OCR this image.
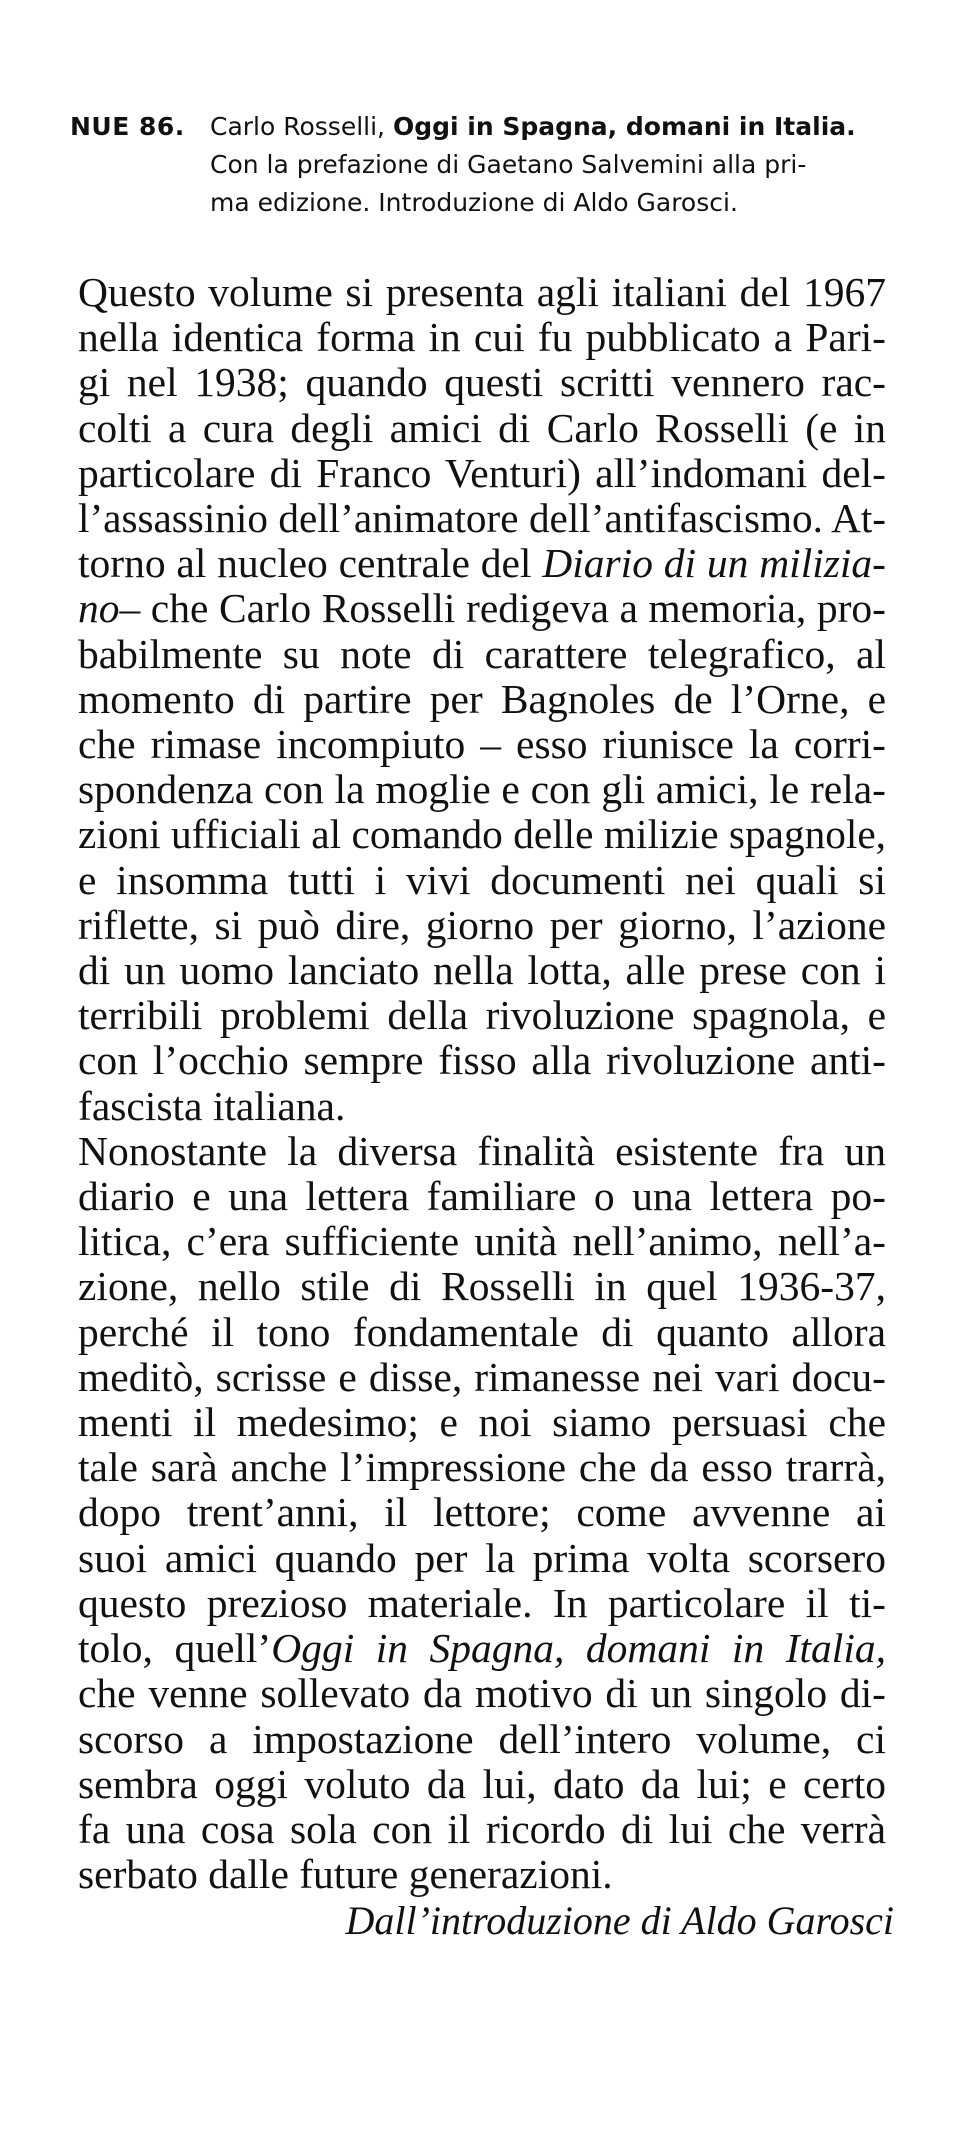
NUE 86. Carlo Rosselli, Oggi in Spagna, domani in Italia.
Con la prefazione di Gaetano Salvemini alla pri-
ma edizione. Introduzione di Aldo Garosci.

Questo volume si presenta agli italiani del 1967
nella identica forma in cui fu pubblicato a Pari-
gi nel 1938; quando questi scritti vennero rac-
colti a cura degli amici di Carlo Rosselli (e in
particolare di Franco Venturi) all’indomani del-
l’assassinio dell’animatore dell’antifascismo. At-
torno al nucleo centrale del Diario di un milizia-
no– che Carlo Rosselli redigeva a memoria, pro-
babilmente su note di carattere telegrafico, al
momento di partire per Bagnoles de l’Orne, e
che rimase incompiuto – esso riunisce la corri-
spondenza con la moglie e con gli amici, le rela-
zioni ufficiali al comando delle milizie spagnole,
e insomma tutti i vivi documenti nei quali si
riflette, si può dire, giorno per giorno, l’azione
di un uomo lanciato nella lotta, alle prese con i
terribili problemi della rivoluzione spagnola, e
con l’occhio sempre fisso alla rivoluzione anti-
fascista italiana.

Nonostante la diversa finalità esistente fra un
diario e una lettera familiare o una lettera po-
litica, c’era sufficiente unità nell’animo, nell’a-
zione, nello stile di Rosselli in quel 1936-37,
perché il tono fondamentale di quanto allora
meditò, scrisse e disse, rimanesse nei vari docu-
menti il medesimo; e noi siamo persuasi che
tale sarà anche l’impressione che da esso trarrà,
dopo trent’anni, il lettore; come avvenne ai
suoi amici quando per la prima volta scorsero
questo prezioso materiale. In particolare il ti-
tolo, quell’Oggi in Spagna, domani in Italia,
che venne sollevato da motivo di un singolo di-
scorso a impostazione dell’intero volume, ci
sembra oggi voluto da lui, dato da lui; e certo
fa una cosa sola con il ricordo di lui che verrà
serbato dalle future generazioni.

Dall’introduzione di Aldo Garosci
